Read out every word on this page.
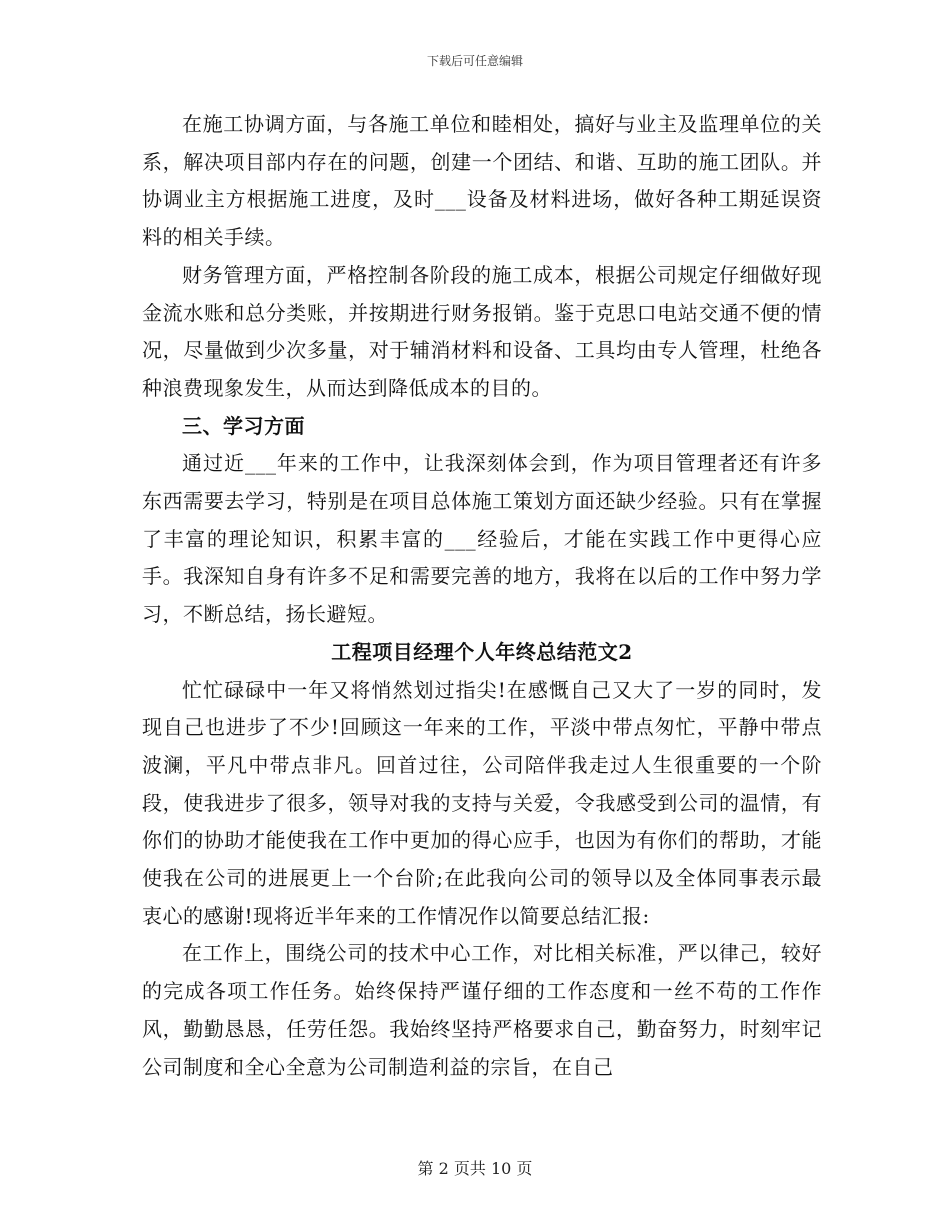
下载后可任意编辑

在施工协调方面，与各施工单位和睦相处，搞好与业主及监理单位的关系，解决项目部内存在的问题，创建一个团结、和谐、互助的施工团队。并协调业主方根据施工进度，及时___设备及材料进场，做好各种工期延误资料的相关手续。

财务管理方面，严格控制各阶段的施工成本，根据公司规定仔细做好现金流水账和总分类账，并按期进行财务报销。鉴于克思口电站交通不便的情况，尽量做到少次多量，对于辅消材料和设备、工具均由专人管理，杜绝各种浪费现象发生，从而达到降低成本的目的。

三、学习方面

通过近___年来的工作中，让我深刻体会到，作为项目管理者还有许多东西需要去学习，特别是在项目总体施工策划方面还缺少经验。只有在掌握了丰富的理论知识，积累丰富的___经验后，才能在实践工作中更得心应手。我深知自身有许多不足和需要完善的地方，我将在以后的工作中努力学习，不断总结，扬长避短。

工程项目经理个人年终总结范文2

忙忙碌碌中一年又将悄然划过指尖!在感慨自己又大了一岁的同时，发现自己也进步了不少!回顾这一年来的工作，平淡中带点匆忙，平静中带点波澜，平凡中带点非凡。回首过往，公司陪伴我走过人生很重要的一个阶段，使我进步了很多，领导对我的支持与关爱，令我感受到公司的温情，有你们的协助才能使我在工作中更加的得心应手，也因为有你们的帮助，才能使我在公司的进展更上一个台阶;在此我向公司的领导以及全体同事表示最衷心的感谢!现将近半年来的工作情况作以简要总结汇报:

在工作上，围绕公司的技术中心工作，对比相关标准，严以律己，较好的完成各项工作任务。始终保持严谨仔细的工作态度和一丝不苟的工作作风，勤勤恳恳，任劳任怨。我始终坚持严格要求自己，勤奋努力，时刻牢记公司制度和全心全意为公司制造利益的宗旨，在自己

第 2 页共 10 页
